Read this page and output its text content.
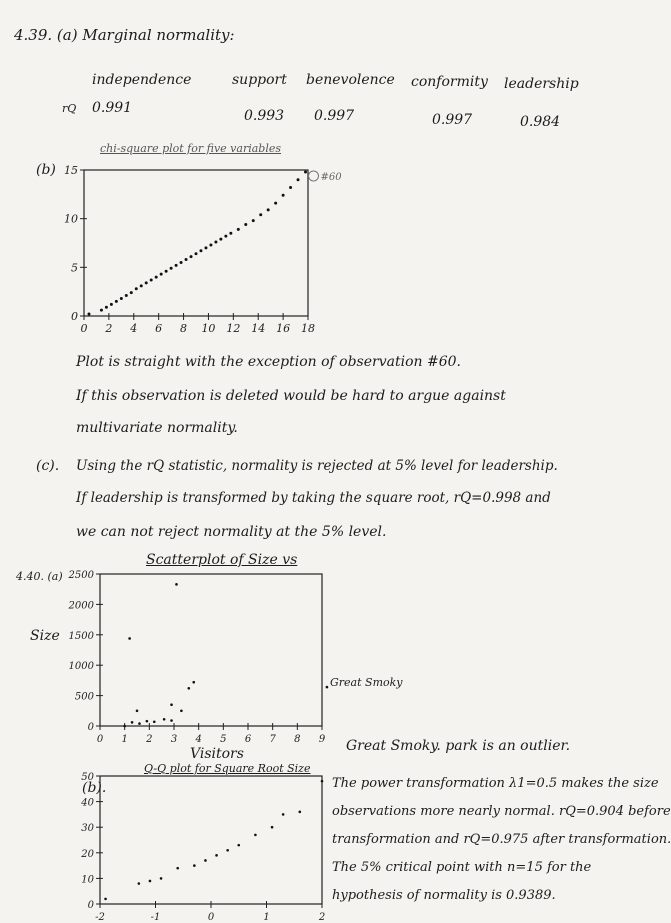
4.39. (a) Marginal normality:
independence	support benevolence conformity leadership
rQ 0.991	0.993 0.997	0.997	0.984
(b)
chi-square plot for five variables
15
10
5
0
0 2 4 6 8 10 12 14 16 18
#60
Plot is straight with the exception of observation #60.
If this observation is deleted would be hard to argue against
multivariate normality.
(c). Using the rQ statistic, normality is rejected at 5% level for leadership.
If leadership is transformed by taking the square root, rQ=0.998 and
we can not reject normality at the 5% level.
4.40. (a)
Scatterplot of Size vs
Size
2500
2000
1500
1000
500
0
0 1 2 3 4 5 6 7 8 9
Great Smoky
Visitors	Great Smoky. park is an outlier.
(b).
Q-Q plot for Square Root Size
50
40
30
20
10
0
-2	-1	0	1	2
The power transformation λ1=0.5 makes the size
observations more nearly normal. rQ=0.904 before
transformation and rQ=0.975 after transformation.
The 5% critical point with n=15 for the
hypothesis of normality is 0.9389.
